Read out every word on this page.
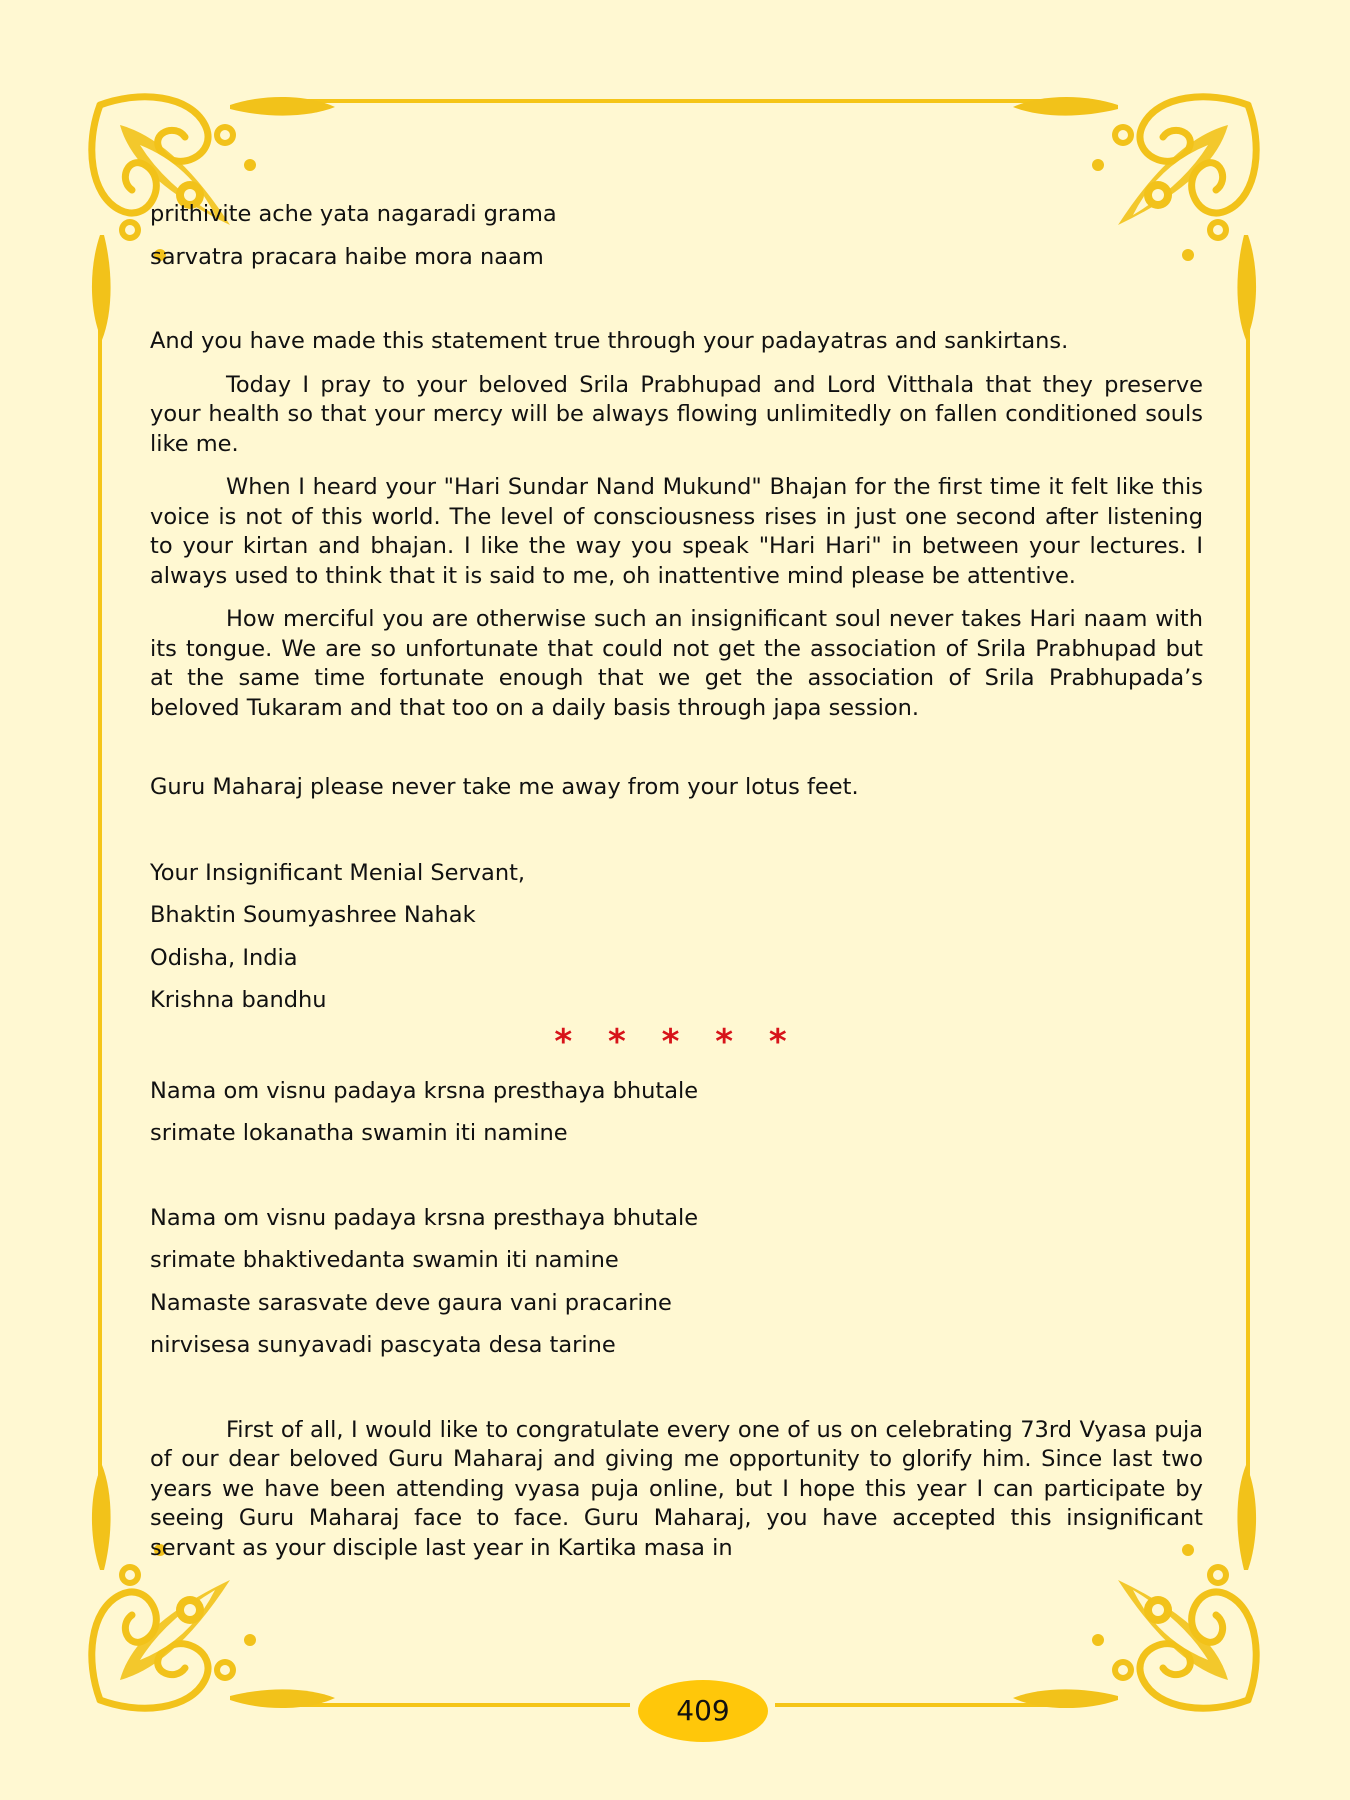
prithivite ache yata nagaradi grama

sarvatra pracara haibe mora naam

And you have made this statement true through your padayatras and sankirtans.

Today I pray to your beloved Srila Prabhupad and Lord Vitthala that they preserve your health so that your mercy will be always flowing unlimitedly on fallen conditioned souls like me.

When I heard your "Hari Sundar Nand Mukund" Bhajan for the first time it felt like this voice is not of this world. The level of consciousness rises in just one second after listening to your kirtan and bhajan. I like the way you speak "Hari Hari" in between your lectures. I always used to think that it is said to me, oh inattentive mind please be attentive.

How merciful you are otherwise such an insignificant soul never takes Hari naam with its tongue. We are so unfortunate that could not get the association of Srila Prabhupad but at the same time fortunate enough that we get the association of Srila Prabhupada’s beloved Tukaram and that too on a daily basis through japa session.

Guru Maharaj please never take me away from your lotus feet.

Your Insignificant Menial Servant,

Bhaktin Soumyashree Nahak

Odisha, India

Krishna bandhu

* * * * *

Nama om visnu padaya krsna presthaya bhutale

srimate lokanatha swamin iti namine

Nama om visnu padaya krsna presthaya bhutale

srimate bhaktivedanta swamin iti namine

Namaste sarasvate deve gaura vani pracarine

nirvisesa sunyavadi pascyata desa tarine

First of all, I would like to congratulate every one of us on celebrating 73rd Vyasa puja of our dear beloved Guru Maharaj and giving me opportunity to glorify him. Since last two years we have been attending vyasa puja online, but I hope this year I can participate by seeing Guru Maharaj face to face. Guru Maharaj, you have accepted this insignificant servant as your disciple last year in Kartika masa in

409
